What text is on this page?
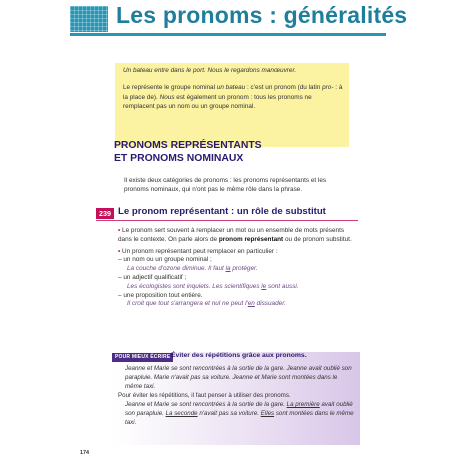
Les pronoms : généralités
Un bateau entre dans le port. Nous le regardons manœuvrer.
Le représente le groupe nominal un bateau : c'est un pronom (du latin pro- : à la place de). Nous est également un pronom : tous les pronoms ne remplacent pas un nom ou un groupe nominal.
PRONOMS REPRÉSENTANTS
ET PRONOMS NOMINAUX
Il existe deux catégories de pronoms : les pronoms représentants et les pronoms nominaux, qui n'ont pas le même rôle dans la phrase.
239 Le pronom représentant : un rôle de substitut
• Le pronom sert souvent à remplacer un mot ou un ensemble de mots présents dans le contexte. On parle alors de pronom représentant ou de pronom substitut.
• Un pronom représentant peut remplacer en particulier :
– un nom ou un groupe nominal ;
La couche d'ozone diminue. Il faut la protéger.
– un adjectif qualificatif ;
Les écologistes sont inquiets. Les scientifiques le sont aussi.
– une proposition tout entière.
Il croit que tout s'arrangera et nul ne peut l'en dissuader.
POUR MIEUX ÉCRIRE Éviter des répétitions grâce aux pronoms.
Jeanne et Marie se sont rencontrées à la sortie de la gare. Jeanne avait oublié son parapluie. Marie n'avait pas sa voiture. Jeanne et Marie sont montées dans le même taxi.
Pour éviter les répétitions, il faut penser à utiliser des pronoms.
Jeanne et Marie se sont rencontrées à la sortie de la gare. La première avait oublié son parapluie. La seconde n'avait pas sa voiture. Elles sont montées dans le même taxi.
174
